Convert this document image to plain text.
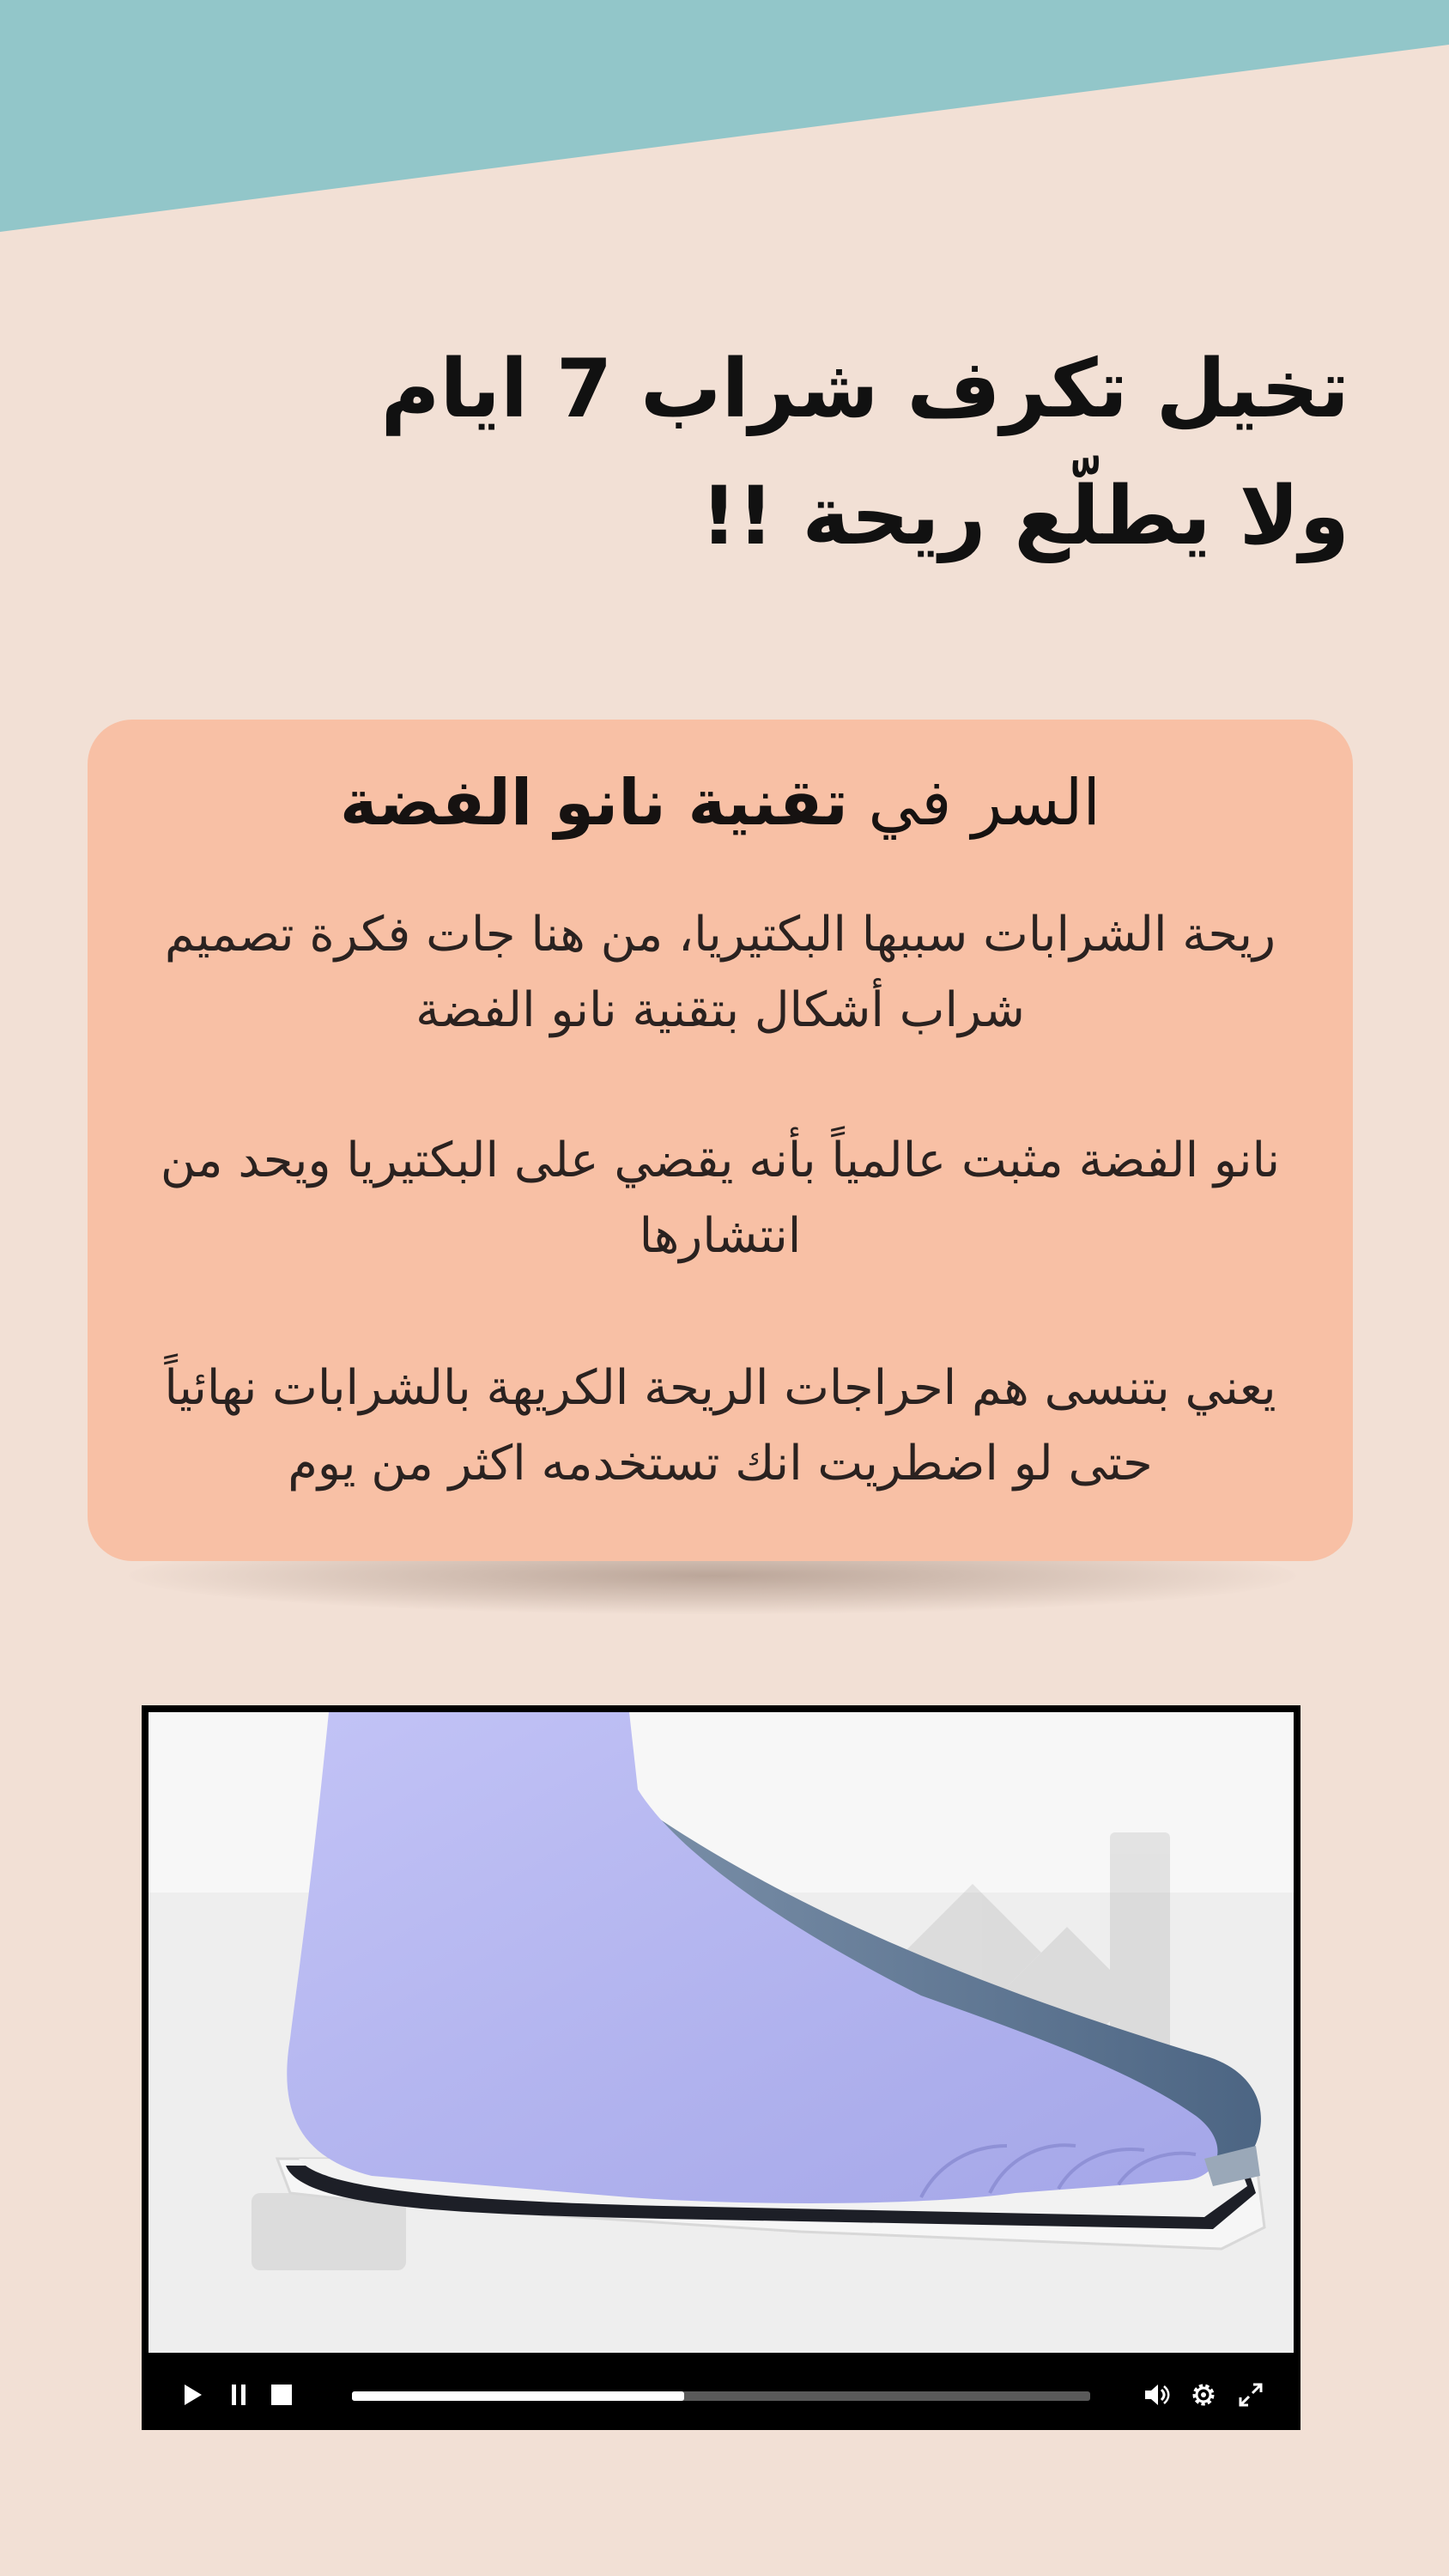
تخيل تكرف شراب 7 ايام
ولا يطلّع ريحة !!
السر في تقنية نانو الفضة
ريحة الشرابات سببها البكتيريا، من هنا جات فكرة تصميم شراب أشكال بتقنية نانو الفضة
نانو الفضة مثبت عالمياً بأنه يقضي على البكتيريا ويحد من انتشارها
يعني بتنسى هم احراجات الريحة الكريهة بالشرابات نهائياً حتى لو اضطريت انك تستخدمه اكثر من يوم
